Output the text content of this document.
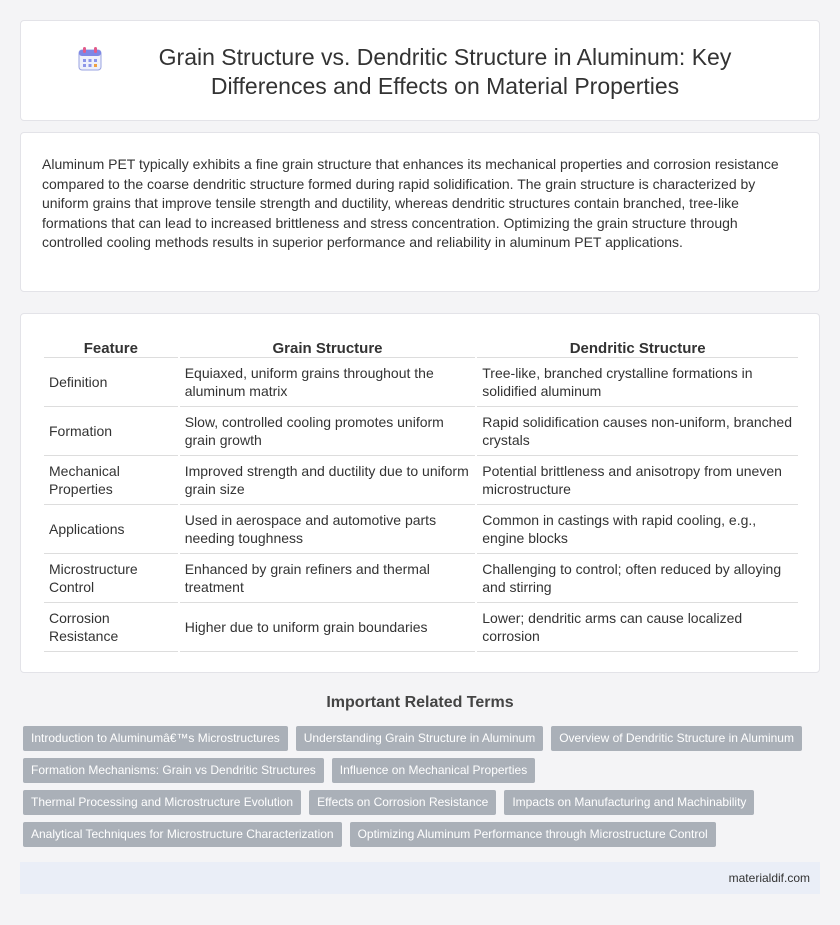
Grain Structure vs. Dendritic Structure in Aluminum: Key Differences and Effects on Material Properties

Aluminum PET typically exhibits a fine grain structure that enhances its mechanical properties and corrosion resistance compared to the coarse dendritic structure formed during rapid solidification. The grain structure is characterized by uniform grains that improve tensile strength and ductility, whereas dendritic structures contain branched, tree-like formations that can lead to increased brittleness and stress concentration. Optimizing the grain structure through controlled cooling methods results in superior performance and reliability in aluminum PET applications.

Feature	Grain Structure	Dendritic Structure
Definition	Equiaxed, uniform grains throughout the aluminum matrix	Tree-like, branched crystalline formations in solidified aluminum
Formation	Slow, controlled cooling promotes uniform grain growth	Rapid solidification causes non-uniform, branched crystals
Mechanical Properties	Improved strength and ductility due to uniform grain size	Potential brittleness and anisotropy from uneven microstructure
Applications	Used in aerospace and automotive parts needing toughness	Common in castings with rapid cooling, e.g., engine blocks
Microstructure Control	Enhanced by grain refiners and thermal treatment	Challenging to control; often reduced by alloying and stirring
Corrosion Resistance	Higher due to uniform grain boundaries	Lower; dendritic arms can cause localized corrosion
Important Related Terms
Introduction to Aluminumâ€™s Microstructures	Understanding Grain Structure in Aluminum	Overview of Dendritic Structure in Aluminum
Formation Mechanisms: Grain vs Dendritic Structures	Influence on Mechanical Properties
Thermal Processing and Microstructure Evolution	Effects on Corrosion Resistance	Impacts on Manufacturing and Machinability
Analytical Techniques for Microstructure Characterization	Optimizing Aluminum Performance through Microstructure Control
materialdif.com
